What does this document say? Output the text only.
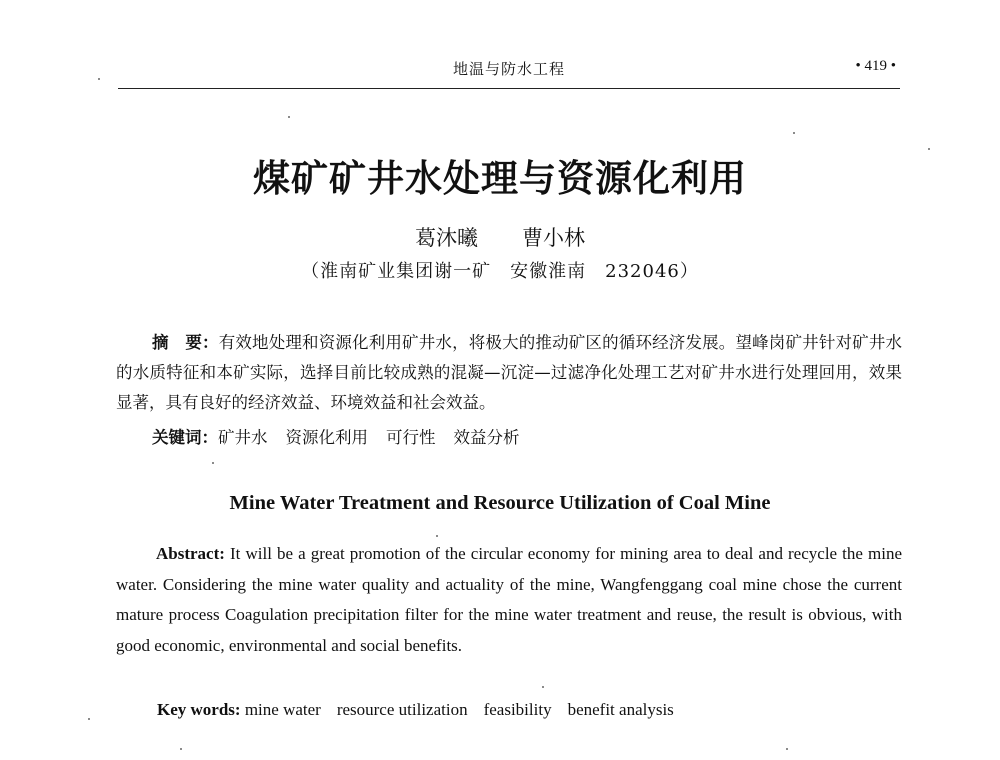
地温与防水工程	• 419 •
煤矿矿井水处理与资源化利用
葛沐曦 曹小林
（淮南矿业集团谢一矿　安徽淮南　232046）
摘　要：有效地处理和资源化利用矿井水，将极大的推动矿区的循环经济发展。望峰岗矿井针对矿井水的水质特征和本矿实际，选择目前比较成熟的混凝—沉淀—过滤净化处理工艺对矿井水进行处理回用，效果显著，具有良好的经济效益、环境效益和社会效益。
关键词：矿井水 资源化利用 可行性 效益分析
Mine Water Treatment and Resource Utilization of Coal Mine
Abstract: It will be a great promotion of the circular economy for mining area to deal and recycle the mine water. Considering the mine water quality and actuality of the mine, Wangfenggang coal mine chose the current mature process Coagulation precipitation filter for the mine water treatment and reuse, the result is obvious, with good economic, environmental and social benefits.
Key words: mine water resource utilization feasibility benefit analysis
